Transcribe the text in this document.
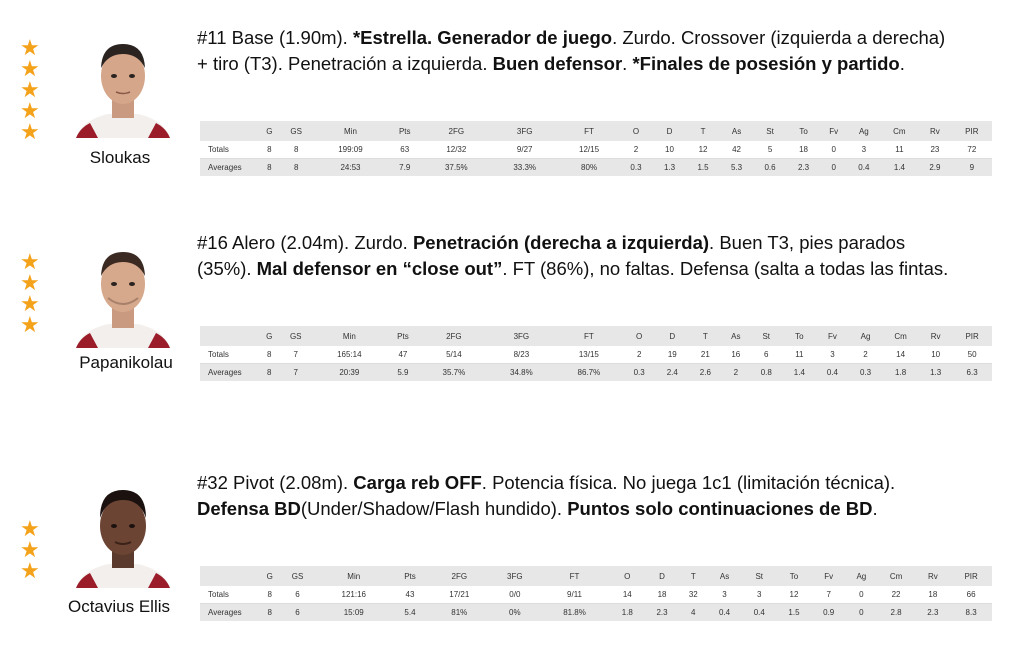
★
★
★
★
★
Sloukas
#11 Base (1.90m). *Estrella. Generador de juego. Zurdo. Crossover (izquierda a derecha) + tiro (T3). Penetración a izquierda. Buen defensor. *Finales de posesión y partido.
	G	GS	Min	Pts	2FG	3FG	FT	O	D	T	As	St	To	Fv	Ag	Cm	Rv	PIR
Totals	8	8	199:09	63	12/32	9/27	12/15	2	10	12	42	5	18	0	3	11	23	72
Averages	8	8	24:53	7.9	37.5%	33.3%	80%	0.3	1.3	1.5	5.3	0.6	2.3	0	0.4	1.4	2.9	9
★
★
★
★
Papanikolau
#16 Alero (2.04m). Zurdo. Penetración (derecha a izquierda). Buen T3, pies parados (35%). Mal defensor en “close out”. FT (86%), no faltas. Defensa (salta a todas las fintas.
	G	GS	Min	Pts	2FG	3FG	FT	O	D	T	As	St	To	Fv	Ag	Cm	Rv	PIR
Totals	8	7	165:14	47	5/14	8/23	13/15	2	19	21	16	6	11	3	2	14	10	50
Averages	8	7	20:39	5.9	35.7%	34.8%	86.7%	0.3	2.4	2.6	2	0.8	1.4	0.4	0.3	1.8	1.3	6.3
★
★
★
Octavius Ellis
#32 Pivot (2.08m). Carga reb OFF. Potencia física. No juega 1c1 (limitación técnica). Defensa BD(Under/Shadow/Flash hundido). Puntos solo continuaciones de BD.
	G	GS	Min	Pts	2FG	3FG	FT	O	D	T	As	St	To	Fv	Ag	Cm	Rv	PIR
Totals	8	6	121:16	43	17/21	0/0	9/11	14	18	32	3	3	12	7	0	22	18	66
Averages	8	6	15:09	5.4	81%	0%	81.8%	1.8	2.3	4	0.4	0.4	1.5	0.9	0	2.8	2.3	8.3
